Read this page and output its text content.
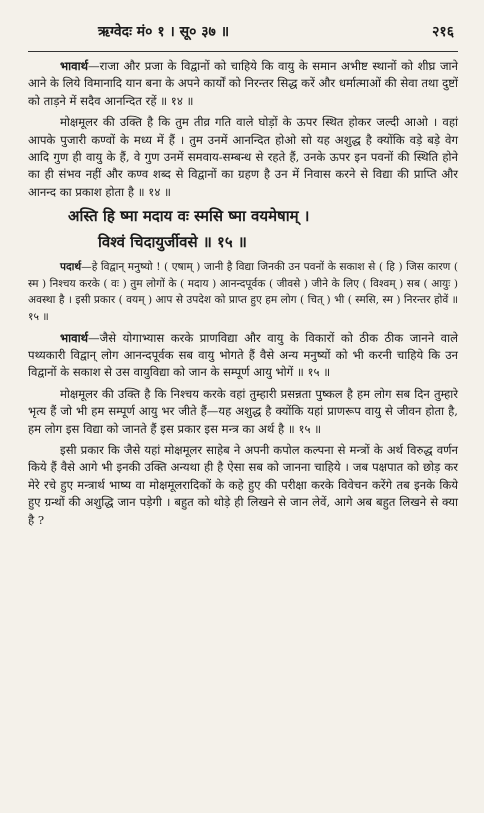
ऋग्वेदः मं० १ । सू० ३७ ॥	२१६

भावार्थ—राजा और प्रजा के विद्वानों को चाहिये कि वायु के समान अभीष्ट स्थानों को शीघ्र जाने आने के लिये विमानादि यान बना के अपने कार्यों को निरन्तर सिद्ध करें और धर्मात्माओं की सेवा तथा दुष्टों को ताड़ने में सदैव आनन्दित रहें ॥ १४ ॥

मोक्षमूलर की उक्ति है कि तुम तीव्र गति वाले घोड़ों के ऊपर स्थित होकर जल्दी आओ । वहां आपके पुजारी कण्वों के मध्य में हैं । तुम उनमें आनन्दित होओ सो यह अशुद्ध है क्योंकि वड़े बड़े वेग आदि गुण ही वायु के हैं, वे गुण उनमें समवाय-सम्बन्ध से रहते हैं, उनके ऊपर इन पवनों की स्थिति होने का ही संभव नहीं और कण्व शब्द से विद्वानों का ग्रहण है उन में निवास करने से विद्या की प्राप्ति और आनन्द का प्रकाश होता है ॥ १४ ॥

अस्ति हि ष्मा मदाय वः स्मसि ष्मा वयमेषाम् ।
विश्वं चिदायुर्जीवसे ॥ १५ ॥

पदार्थ—हे विद्वान् मनुष्यो ! ( एषाम् ) जानी है विद्या जिनकी उन पवनों के सकाश से ( हि ) जिस कारण ( स्म ) निश्चय करके ( वः ) तुम लोगों के ( मदाय ) आनन्दपूर्वक ( जीवसे ) जीने के लिए ( विश्वम् ) सब ( आयुः ) अवस्था है । इसी प्रकार ( वयम् ) आप से उपदेश को प्राप्त हुए हम लोग ( चित् ) भी ( स्मसि, स्म ) निरन्तर होवें ॥ १५ ॥

भावार्थ—जैसे योगाभ्यास करके प्राणविद्या और वायु के विकारों को ठीक ठीक जानने वाले पथ्यकारी विद्वान् लोग आनन्दपूर्वक सब वायु भोगते हैं वैसे अन्य मनुष्यों को भी करनी चाहिये कि उन विद्वानों के सकाश से उस वायुविद्या को जान के सम्पूर्ण आयु भोगें ॥ १५ ॥

मोक्षमूलर की उक्ति है कि निश्चय करके वहां तुम्हारी प्रसन्नता पुष्कल है हम लोग सब दिन तुम्हारे भृत्य हैं जो भी हम सम्पूर्ण आयु भर जीते हैं—यह अशुद्ध है क्योंकि यहां प्राणरूप वायु से जीवन होता है, हम लोग इस विद्या को जानते हैं इस प्रकार इस मन्त्र का अर्थ है ॥ १५ ॥

इसी प्रकार कि जैसे यहां मोक्षमूलर साहेब ने अपनी कपोल कल्पना से मन्त्रों के अर्थ विरुद्ध वर्णन किये हैं वैसे आगे भी इनकी उक्ति अन्यथा ही है ऐसा सब को जानना चाहिये । जब पक्षपात को छोड़ कर मेरे रचे हुए मन्त्रार्थ भाष्य वा मोक्षमूलरादिकों के कहे हुए की परीक्षा करके विवेचन करेंगे तब इनके किये हुए ग्रन्थों की अशुद्धि जान पड़ेगी । बहुत को थोड़े ही लिखने से जान लेवें, आगे अब बहुत लिखने से क्या है ?
